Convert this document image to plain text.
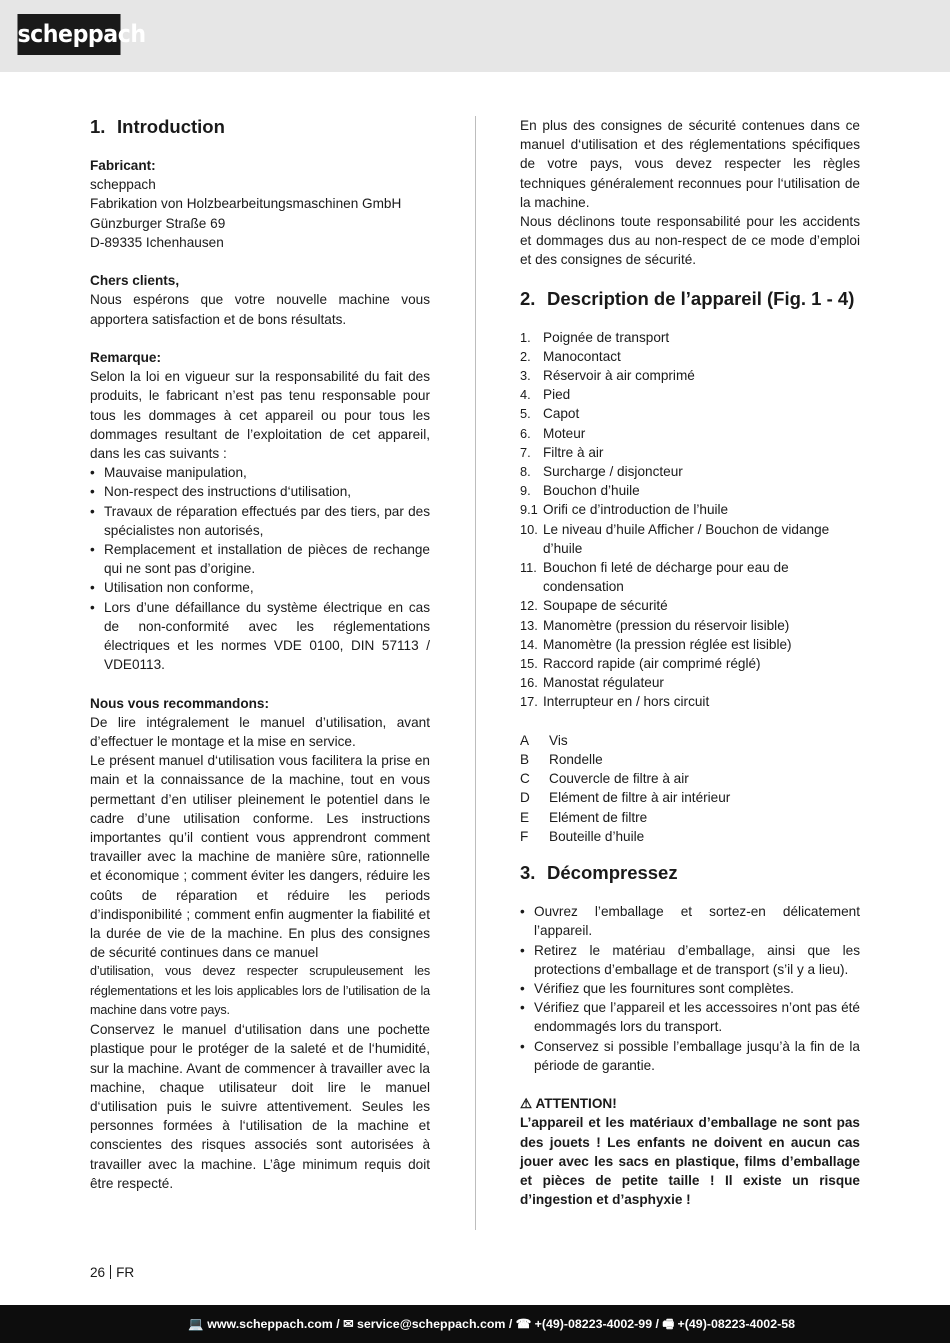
scheppach
1. Introduction
Fabricant:
scheppach
Fabrikation von Holzbearbeitungsmaschinen GmbH
Günzburger Straße 69
D-89335 Ichenhausen
Chers clients,

Nous espérons que votre nouvelle machine vous apportera satisfaction et de bons résultats.

Remarque:

Selon la loi en vigueur sur la responsabilité du fait des produits, le fabricant n’est pas tenu responsable pour tous les dommages à cet appareil ou pour tous les dommages resultant de l’exploitation de cet appareil, dans les cas suivants :

• Mauvaise manipulation,
• Non-respect des instructions d‘utilisation,
• Travaux de réparation effectués par des tiers, par des spécialistes non autorisés,
• Remplacement et installation de pièces de rechange qui ne sont pas d’origine.
• Utilisation non conforme,
• Lors d’une défaillance du système électrique en cas de non-conformité avec les réglementations électriques et les normes VDE 0100, DIN 57113 / VDE0113.
Nous vous recommandons:

De lire intégralement le manuel d’utilisation, avant d’effectuer le montage et la mise en service.

Le présent manuel d‘utilisation vous facilitera la prise en main et la connaissance de la machine, tout en vous permettant d’en utiliser pleinement le potentiel dans le cadre d’une utilisation conforme. Les instructions importantes qu’il contient vous apprendront comment travailler avec la machine de manière sûre, rationnelle et économique ; comment éviter les dangers, réduire les coûts de réparation et réduire les periods d’indisponibilité ; comment enfin augmenter la fiabilité et la durée de vie de la machine. En plus des consignes de sécurité continues dans ce manuel

d’utilisation, vous devez respecter scrupuleusement les réglementations et les lois applicables lors de l’utilisation de la machine dans votre pays.

Conservez le manuel d‘utilisation dans une pochette plastique pour le protéger de la saleté et de l‘humidité, sur la machine. Avant de commencer à travailler avec la machine, chaque utilisateur doit lire le manuel d‘utilisation puis le suivre attentivement. Seules les personnes formées à l‘utilisation de la machine et conscientes des risques associés sont autorisées à travailler avec la machine. L’âge minimum requis doit être respecté.

En plus des consignes de sécurité contenues dans ce manuel d‘utilisation et des réglementations spécifiques de votre pays, vous devez respecter les règles techniques généralement reconnues pour l‘utilisation de la machine.

Nous déclinons toute responsabilité pour les accidents et dommages dus au non-respect de ce mode d’emploi et des consignes de sécurité.

2. Description de l’appareil (Fig. 1 - 4)
1. Poignée de transport
2. Manocontact
3. Réservoir à air comprimé
4. Pied
5. Capot
6. Moteur
7. Filtre à air
8. Surcharge / disjoncteur
9. Bouchon d’huile
9.1 Orifi ce d’introduction de l’huile
10. Le niveau d’huile Afficher / Bouchon de vidange d’huile
11. Bouchon fi leté de décharge pour eau de condensation
12. Soupape de sécurité
13. Manomètre (pression du réservoir lisible)
14. Manomètre (la pression réglée est lisible)
15. Raccord rapide (air comprimé réglé)
16. Manostat régulateur
17. Interrupteur en / hors circuit
A	Vis
B	Rondelle
C	Couvercle de filtre à air
D	Elément de filtre à air intérieur
E	Elément de filtre
F	Bouteille d’huile
3. Décompressez
• Ouvrez l’emballage et sortez-en délicatement l’appareil.
• Retirez le matériau d’emballage, ainsi que les protections d’emballage et de transport (s’il y a lieu).
• Vérifiez que les fournitures sont complètes.
• Vérifiez que l’appareil et les accessoires n’ont pas été endommagés lors du transport.
• Conservez si possible l’emballage jusqu’à la fin de la période de garantie.
⚠ ATTENTION!

L’appareil et les matériaux d’emballage ne sont pas des jouets ! Les enfants ne doivent en aucun cas jouer avec les sacs en plastique, films d’emballage et pièces de petite taille ! Il existe un risque d’ingestion et d’asphyxie !

26 FR
💻 www.scheppach.com / ✉ service@scheppach.com / ☎ +(49)-08223-4002-99 / 🖷 +(49)-08223-4002-58
